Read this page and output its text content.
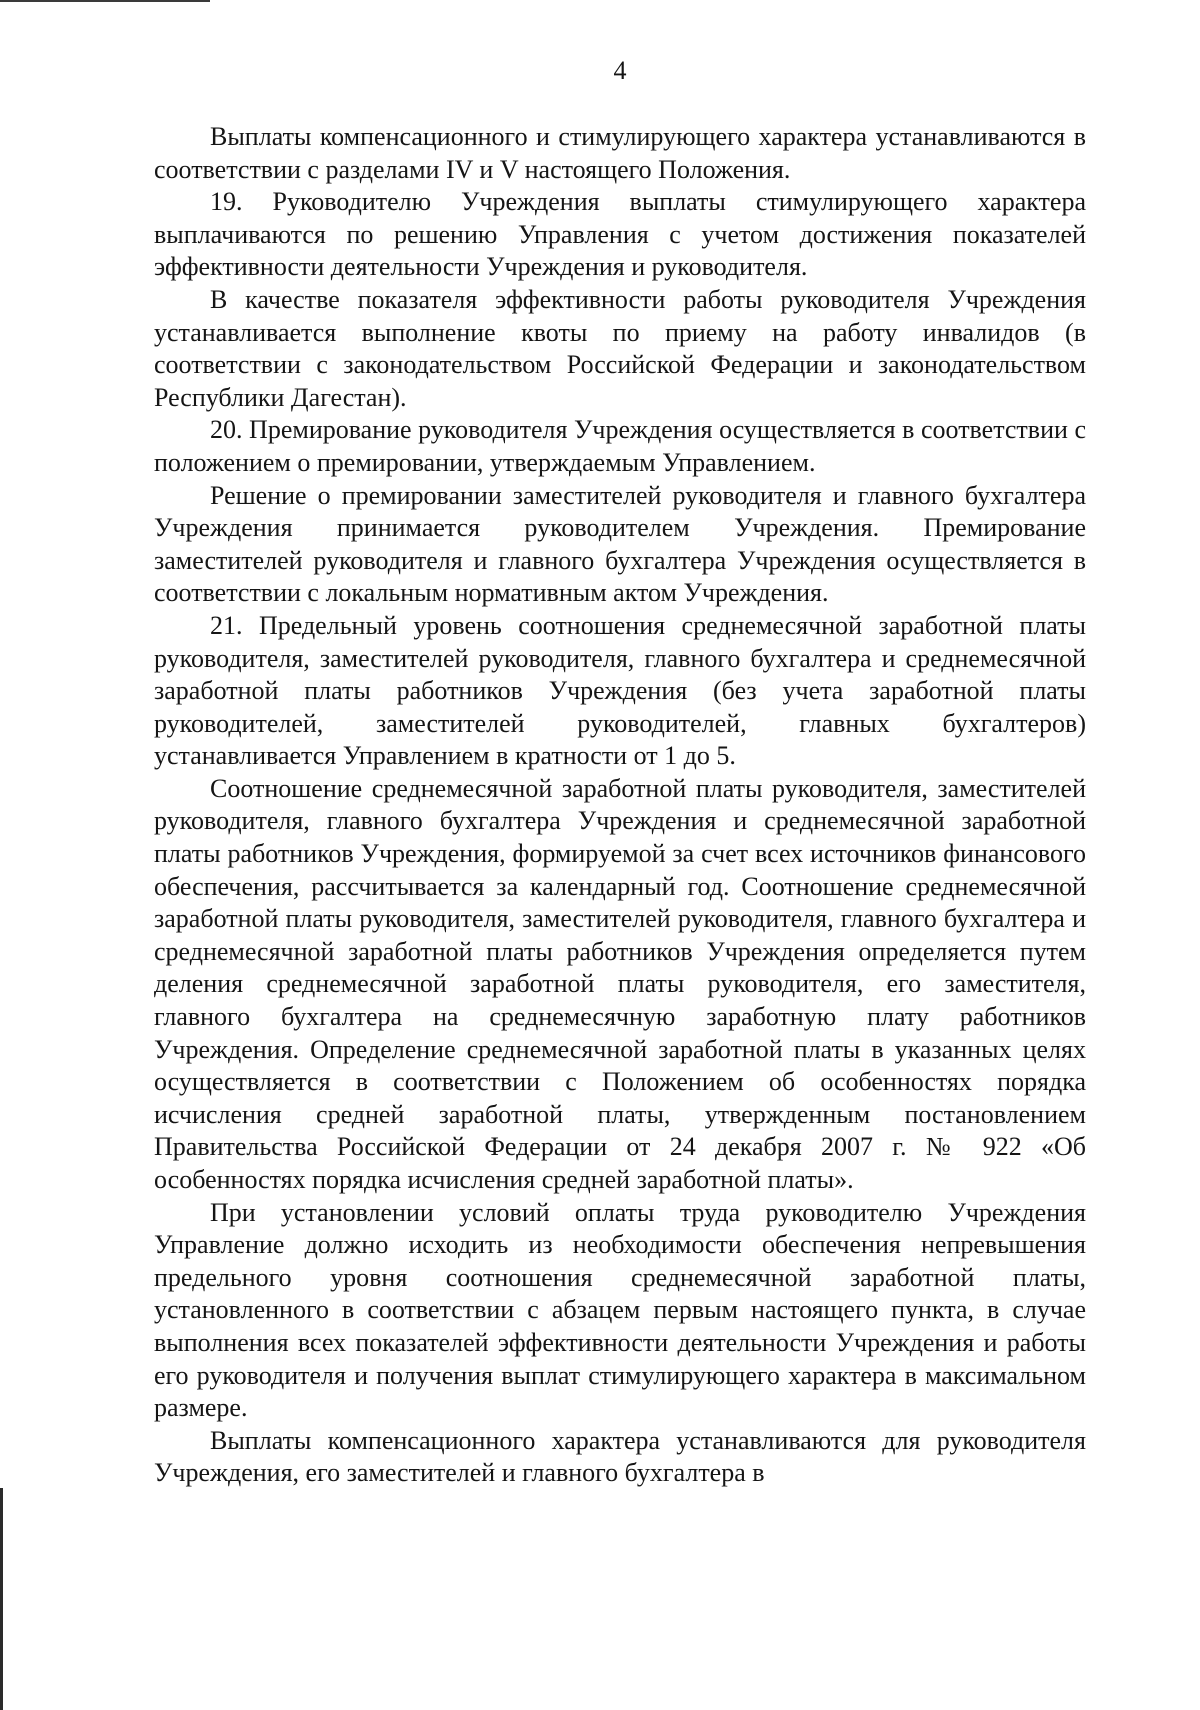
4

Выплаты компенсационного и стимулирующего характера устанавливаются в соответствии с разделами IV и V настоящего Положения.

19. Руководителю Учреждения выплаты стимулирующего характера выплачиваются по решению Управления с учетом достижения показателей эффективности деятельности Учреждения и руководителя.

В качестве показателя эффективности работы руководителя Учреждения устанавливается выполнение квоты по приему на работу инвалидов (в соответствии с законодательством Российской Федерации и законодательством Республики Дагестан).

20. Премирование руководителя Учреждения осуществляется в соответствии с положением о премировании, утверждаемым Управлением.

Решение о премировании заместителей руководителя и главного бухгалтера Учреждения принимается руководителем Учреждения. Премирование заместителей руководителя и главного бухгалтера Учреждения осуществляется в соответствии с локальным нормативным актом Учреждения.

21. Предельный уровень соотношения среднемесячной заработной платы руководителя, заместителей руководителя, главного бухгалтера и среднемесячной заработной платы работников Учреждения (без учета заработной платы руководителей, заместителей руководителей, главных бухгалтеров) устанавливается Управлением в кратности от 1 до 5.

Соотношение среднемесячной заработной платы руководителя, заместителей руководителя, главного бухгалтера Учреждения и среднемесячной заработной платы работников Учреждения, формируемой за счет всех источников финансового обеспечения, рассчитывается за календарный год. Соотношение среднемесячной заработной платы руководителя, заместителей руководителя, главного бухгалтера и среднемесячной заработной платы работников Учреждения определяется путем деления среднемесячной заработной платы руководителя, его заместителя, главного бухгалтера на среднемесячную заработную плату работников Учреждения. Определение среднемесячной заработной платы в указанных целях осуществляется в соответствии с Положением об особенностях порядка исчисления средней заработной платы, утвержденным постановлением Правительства Российской Федерации от 24 декабря 2007 г. № 922 «Об особенностях порядка исчисления средней заработной платы».

При установлении условий оплаты труда руководителю Учреждения Управление должно исходить из необходимости обеспечения непревышения предельного уровня соотношения среднемесячной заработной платы, установленного в соответствии с абзацем первым настоящего пункта, в случае выполнения всех показателей эффективности деятельности Учреждения и работы его руководителя и получения выплат стимулирующего характера в максимальном размере.

Выплаты компенсационного характера устанавливаются для руководителя Учреждения, его заместителей и главного бухгалтера в
